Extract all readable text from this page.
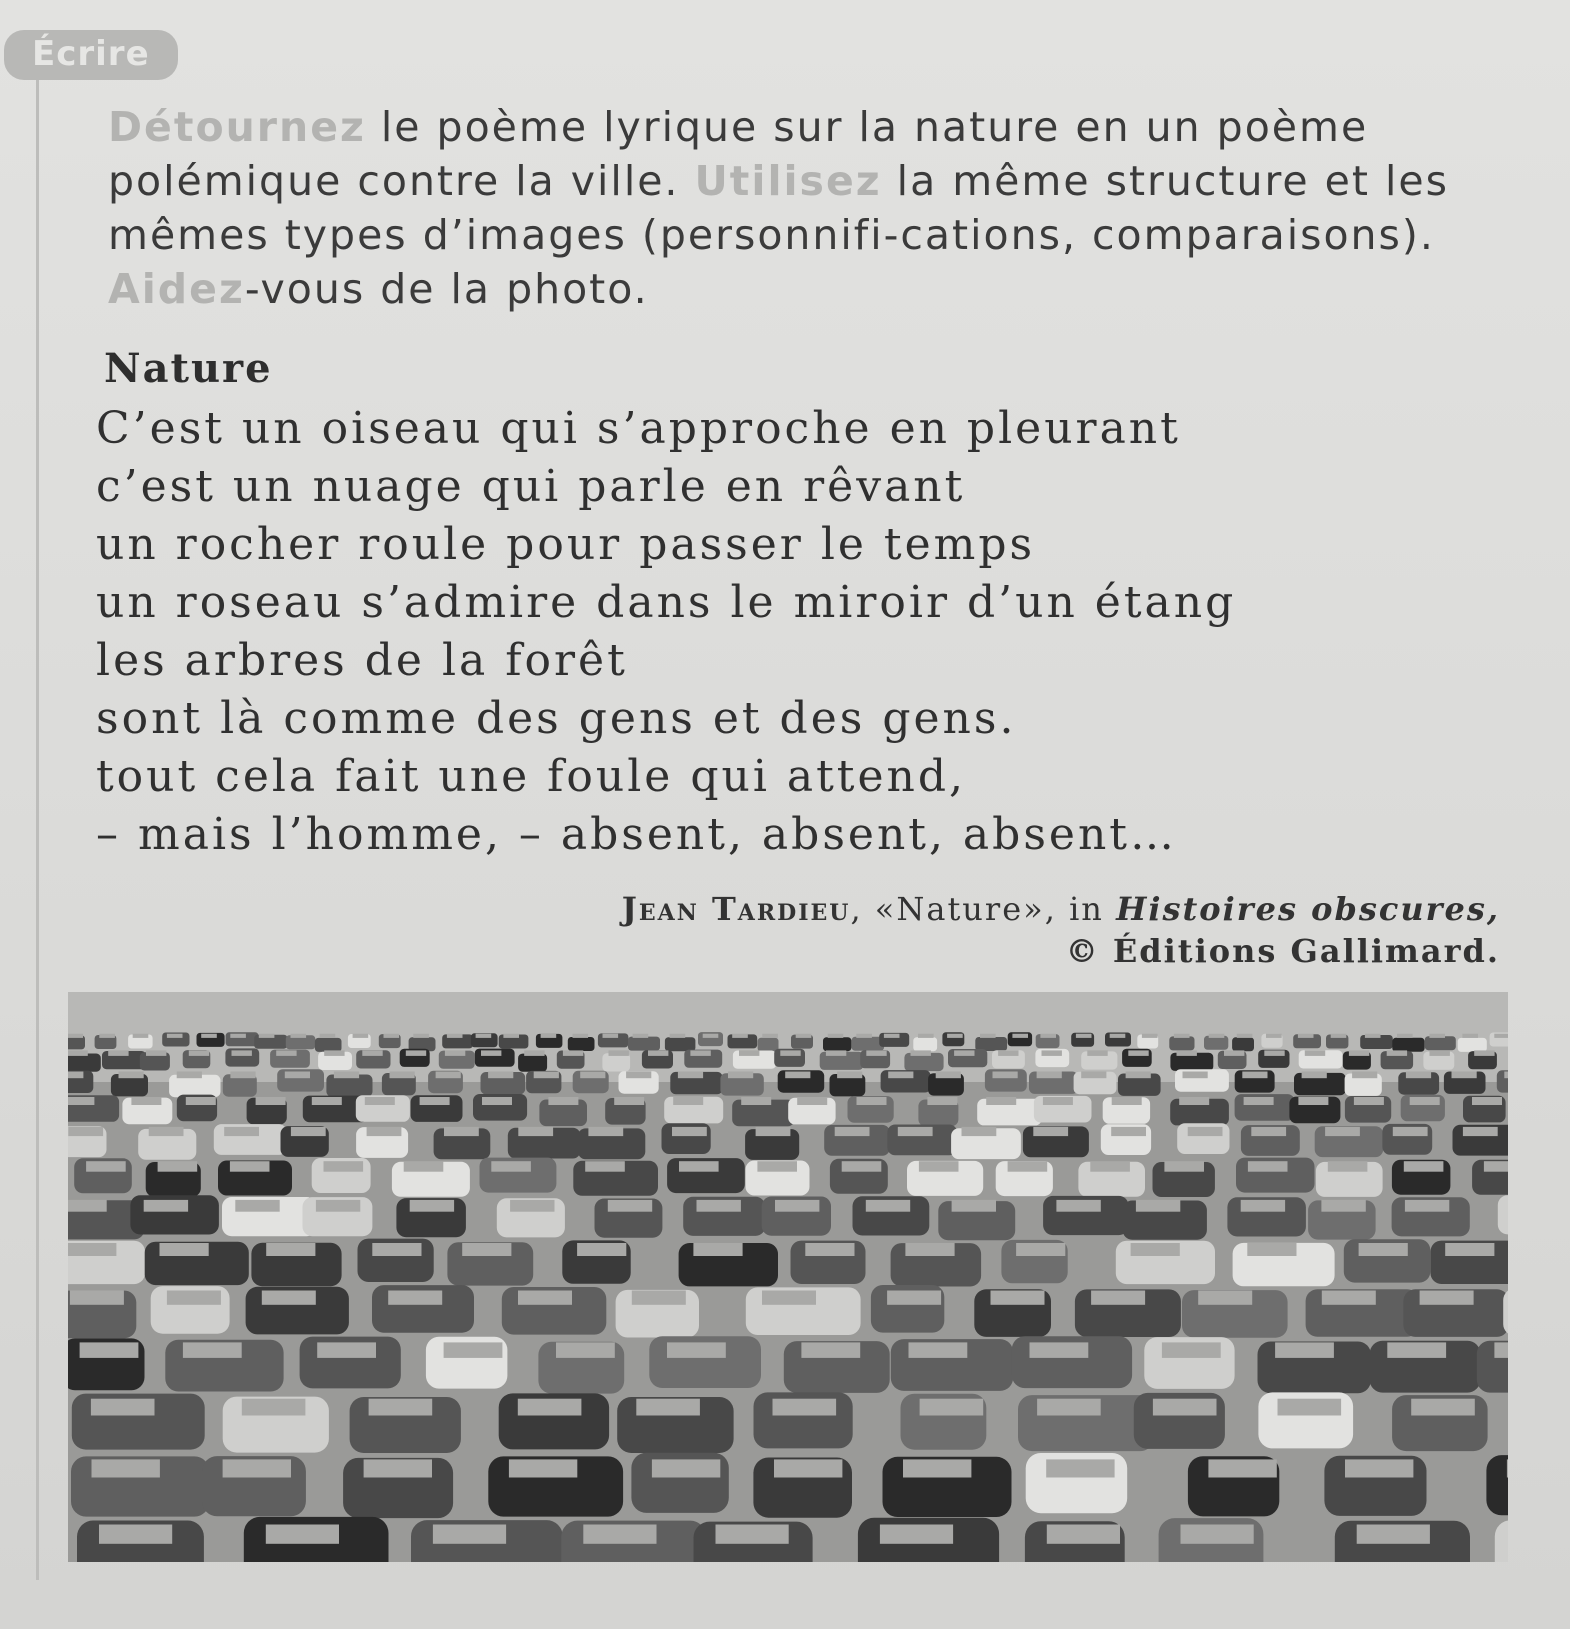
Écrire

Détournez le poème lyrique sur la nature en un poème polémique contre la ville. Utilisez la même structure et les mêmes types d’images (personnifi-cations, comparaisons). Aidez-vous de la photo.

Nature
C’est un oiseau qui s’approche en pleurant
c’est un nuage qui parle en rêvant
un rocher roule pour passer le temps
un roseau s’admire dans le miroir d’un étang
les arbres de la forêt
sont là comme des gens et des gens.
tout cela fait une foule qui attend,
– mais l’homme, – absent, absent, absent…
Jean Tardieu, «Nature», in Histoires obscures,
© Éditions Gallimard.
